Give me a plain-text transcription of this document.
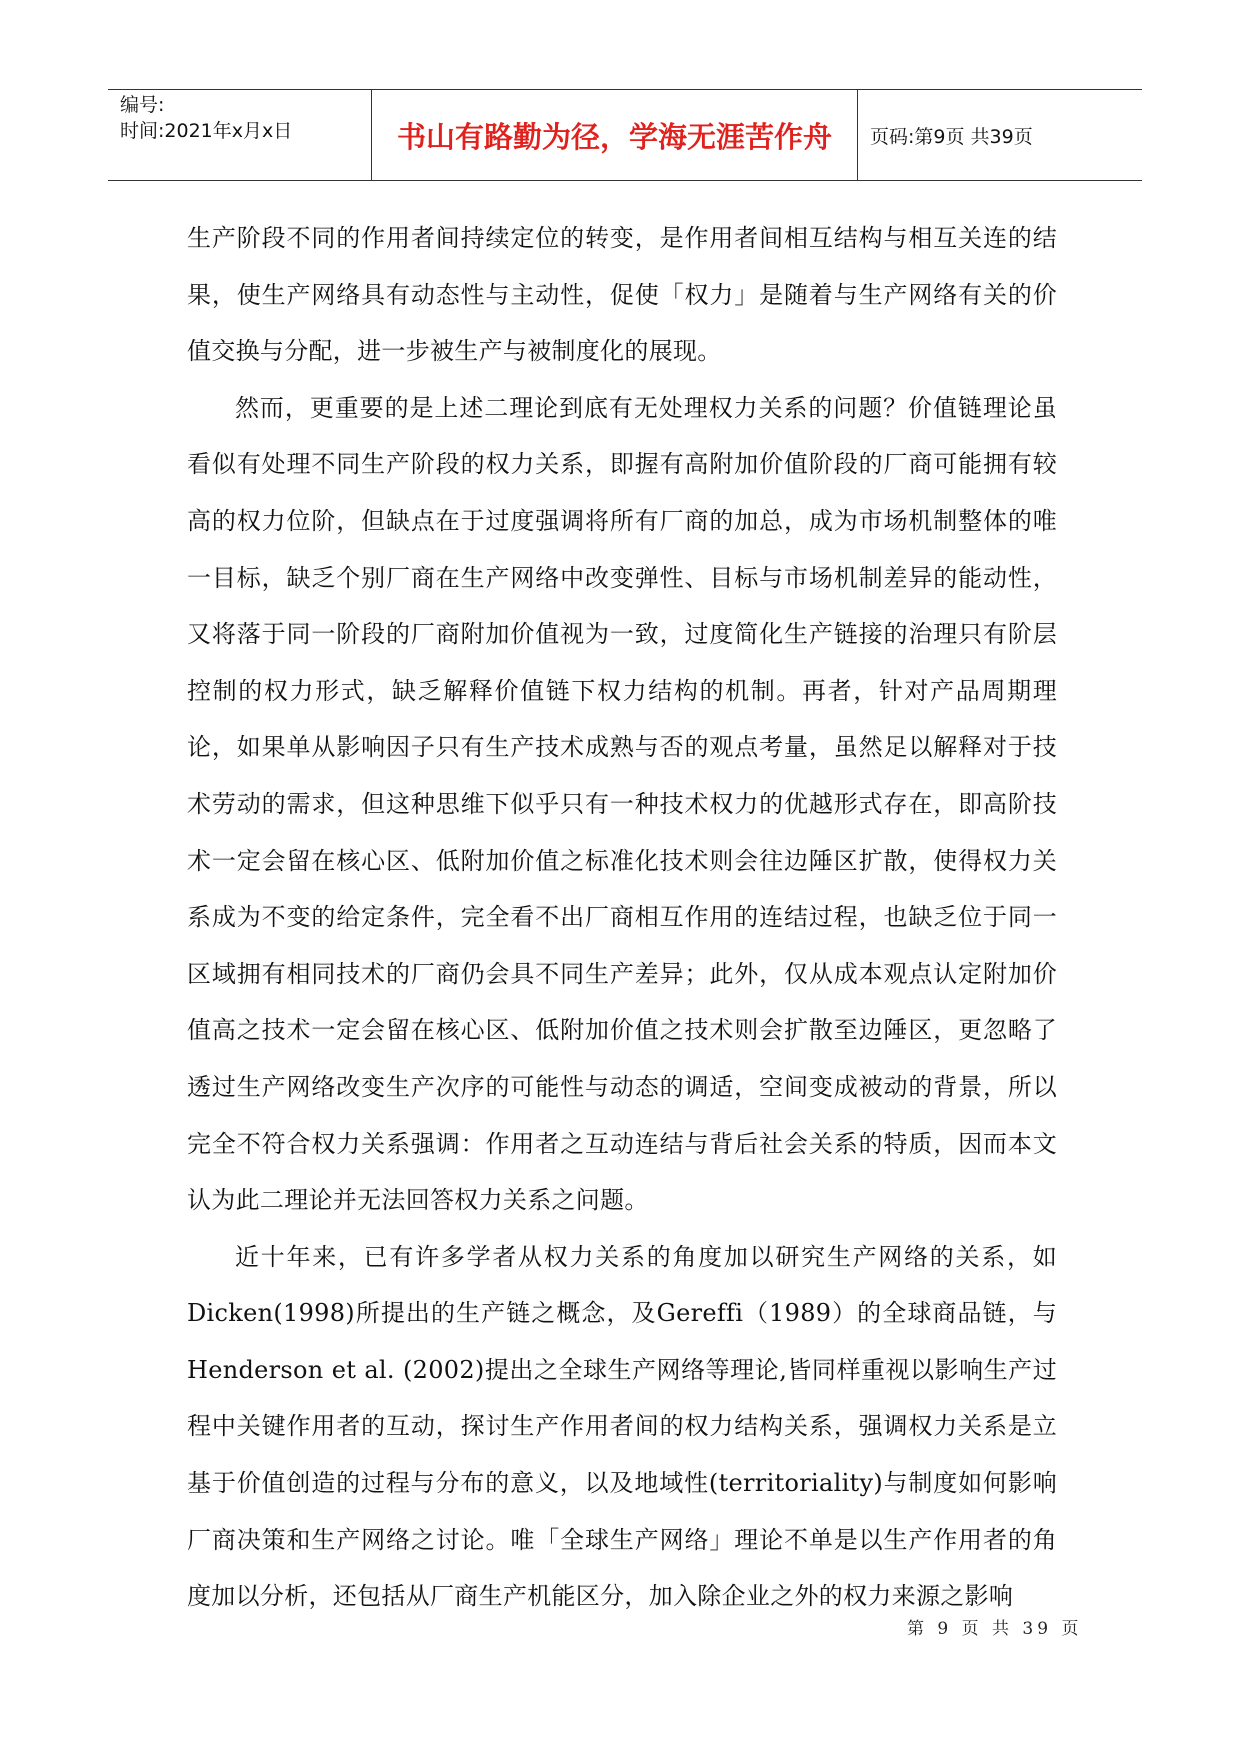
编号:
时间:2021年x月x日	书山有路勤为径，学海无涯苦作舟	页码:第9页 共39页

生产阶段不同的作用者间持续定位的转变，是作用者间相互结构与相互关连的结果，使生产网络具有动态性与主动性，促使「权力」是随着与生产网络有关的价值交换与分配，进一步被生产与被制度化的展现。

然而，更重要的是上述二理论到底有无处理权力关系的问题？价值链理论虽看似有处理不同生产阶段的权力关系，即握有高附加价值阶段的厂商可能拥有较高的权力位阶，但缺点在于过度强调将所有厂商的加总，成为市场机制整体的唯一目标，缺乏个别厂商在生产网络中改变弹性、目标与市场机制差异的能动性，又将落于同一阶段的厂商附加价值视为一致，过度简化生产链接的治理只有阶层控制的权力形式，缺乏解释价值链下权力结构的机制。再者，针对产品周期理论，如果单从影响因子只有生产技术成熟与否的观点考量，虽然足以解释对于技术劳动的需求，但这种思维下似乎只有一种技术权力的优越形式存在，即高阶技术一定会留在核心区、低附加价值之标准化技术则会往边陲区扩散，使得权力关系成为不变的给定条件，完全看不出厂商相互作用的连结过程，也缺乏位于同一区域拥有相同技术的厂商仍会具不同生产差异；此外，仅从成本观点认定附加价值高之技术一定会留在核心区、低附加价值之技术则会扩散至边陲区，更忽略了透过生产网络改变生产次序的可能性与动态的调适，空间变成被动的背景，所以完全不符合权力关系强调：作用者之互动连结与背后社会关系的特质，因而本文认为此二理论并无法回答权力关系之问题。

近十年来，已有许多学者从权力关系的角度加以研究生产网络的关系，如Dicken(1998)所提出的生产链之概念，及Gereffi（1989）的全球商品链，与Henderson et al. (2002)提出之全球生产网络等理论,皆同样重视以影响生产过程中关键作用者的互动，探讨生产作用者间的权力结构关系，强调权力关系是立基于价值创造的过程与分布的意义，以及地域性(territoriality)与制度如何影响厂商决策和生产网络之讨论。唯「全球生产网络」理论不单是以生产作用者的角度加以分析，还包括从厂商生产机能区分，加入除企业之外的权力来源之影响

第 9 页 共 39 页
